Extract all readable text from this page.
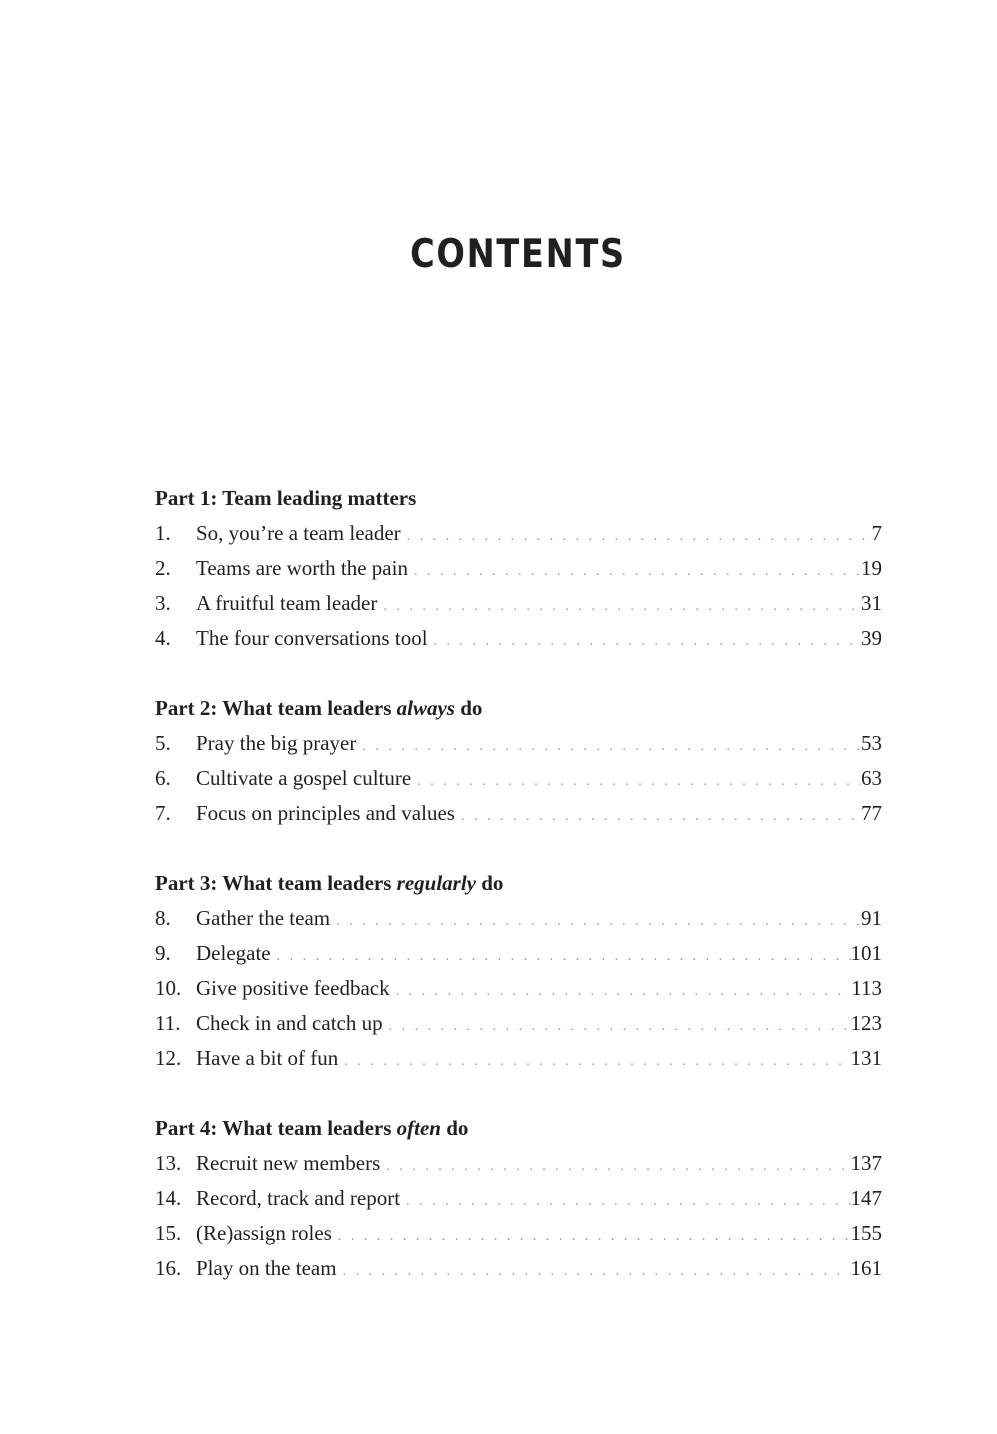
CONTENTS
Part 1: Team leading matters
1.	So, you’re a team leader . . .	7
2.	Teams are worth the pain . . .	19
3.	A fruitful team leader . . .	31
4.	The four conversations tool . . .	39
Part 2: What team leaders always do
5.	Pray the big prayer . . .	53
6.	Cultivate a gospel culture . . .	63
7.	Focus on principles and values . . .	77
Part 3: What team leaders regularly do
8.	Gather the team . . .	91
9.	Delegate . . .	101
10. Give positive feedback . . .	113
11. Check in and catch up . . .	123
12. Have a bit of fun . . .	131
Part 4: What team leaders often do
13. Recruit new members . . .	137
14. Record, track and report . . .	147
15. (Re)assign roles . . .	155
16. Play on the team . . .	161
